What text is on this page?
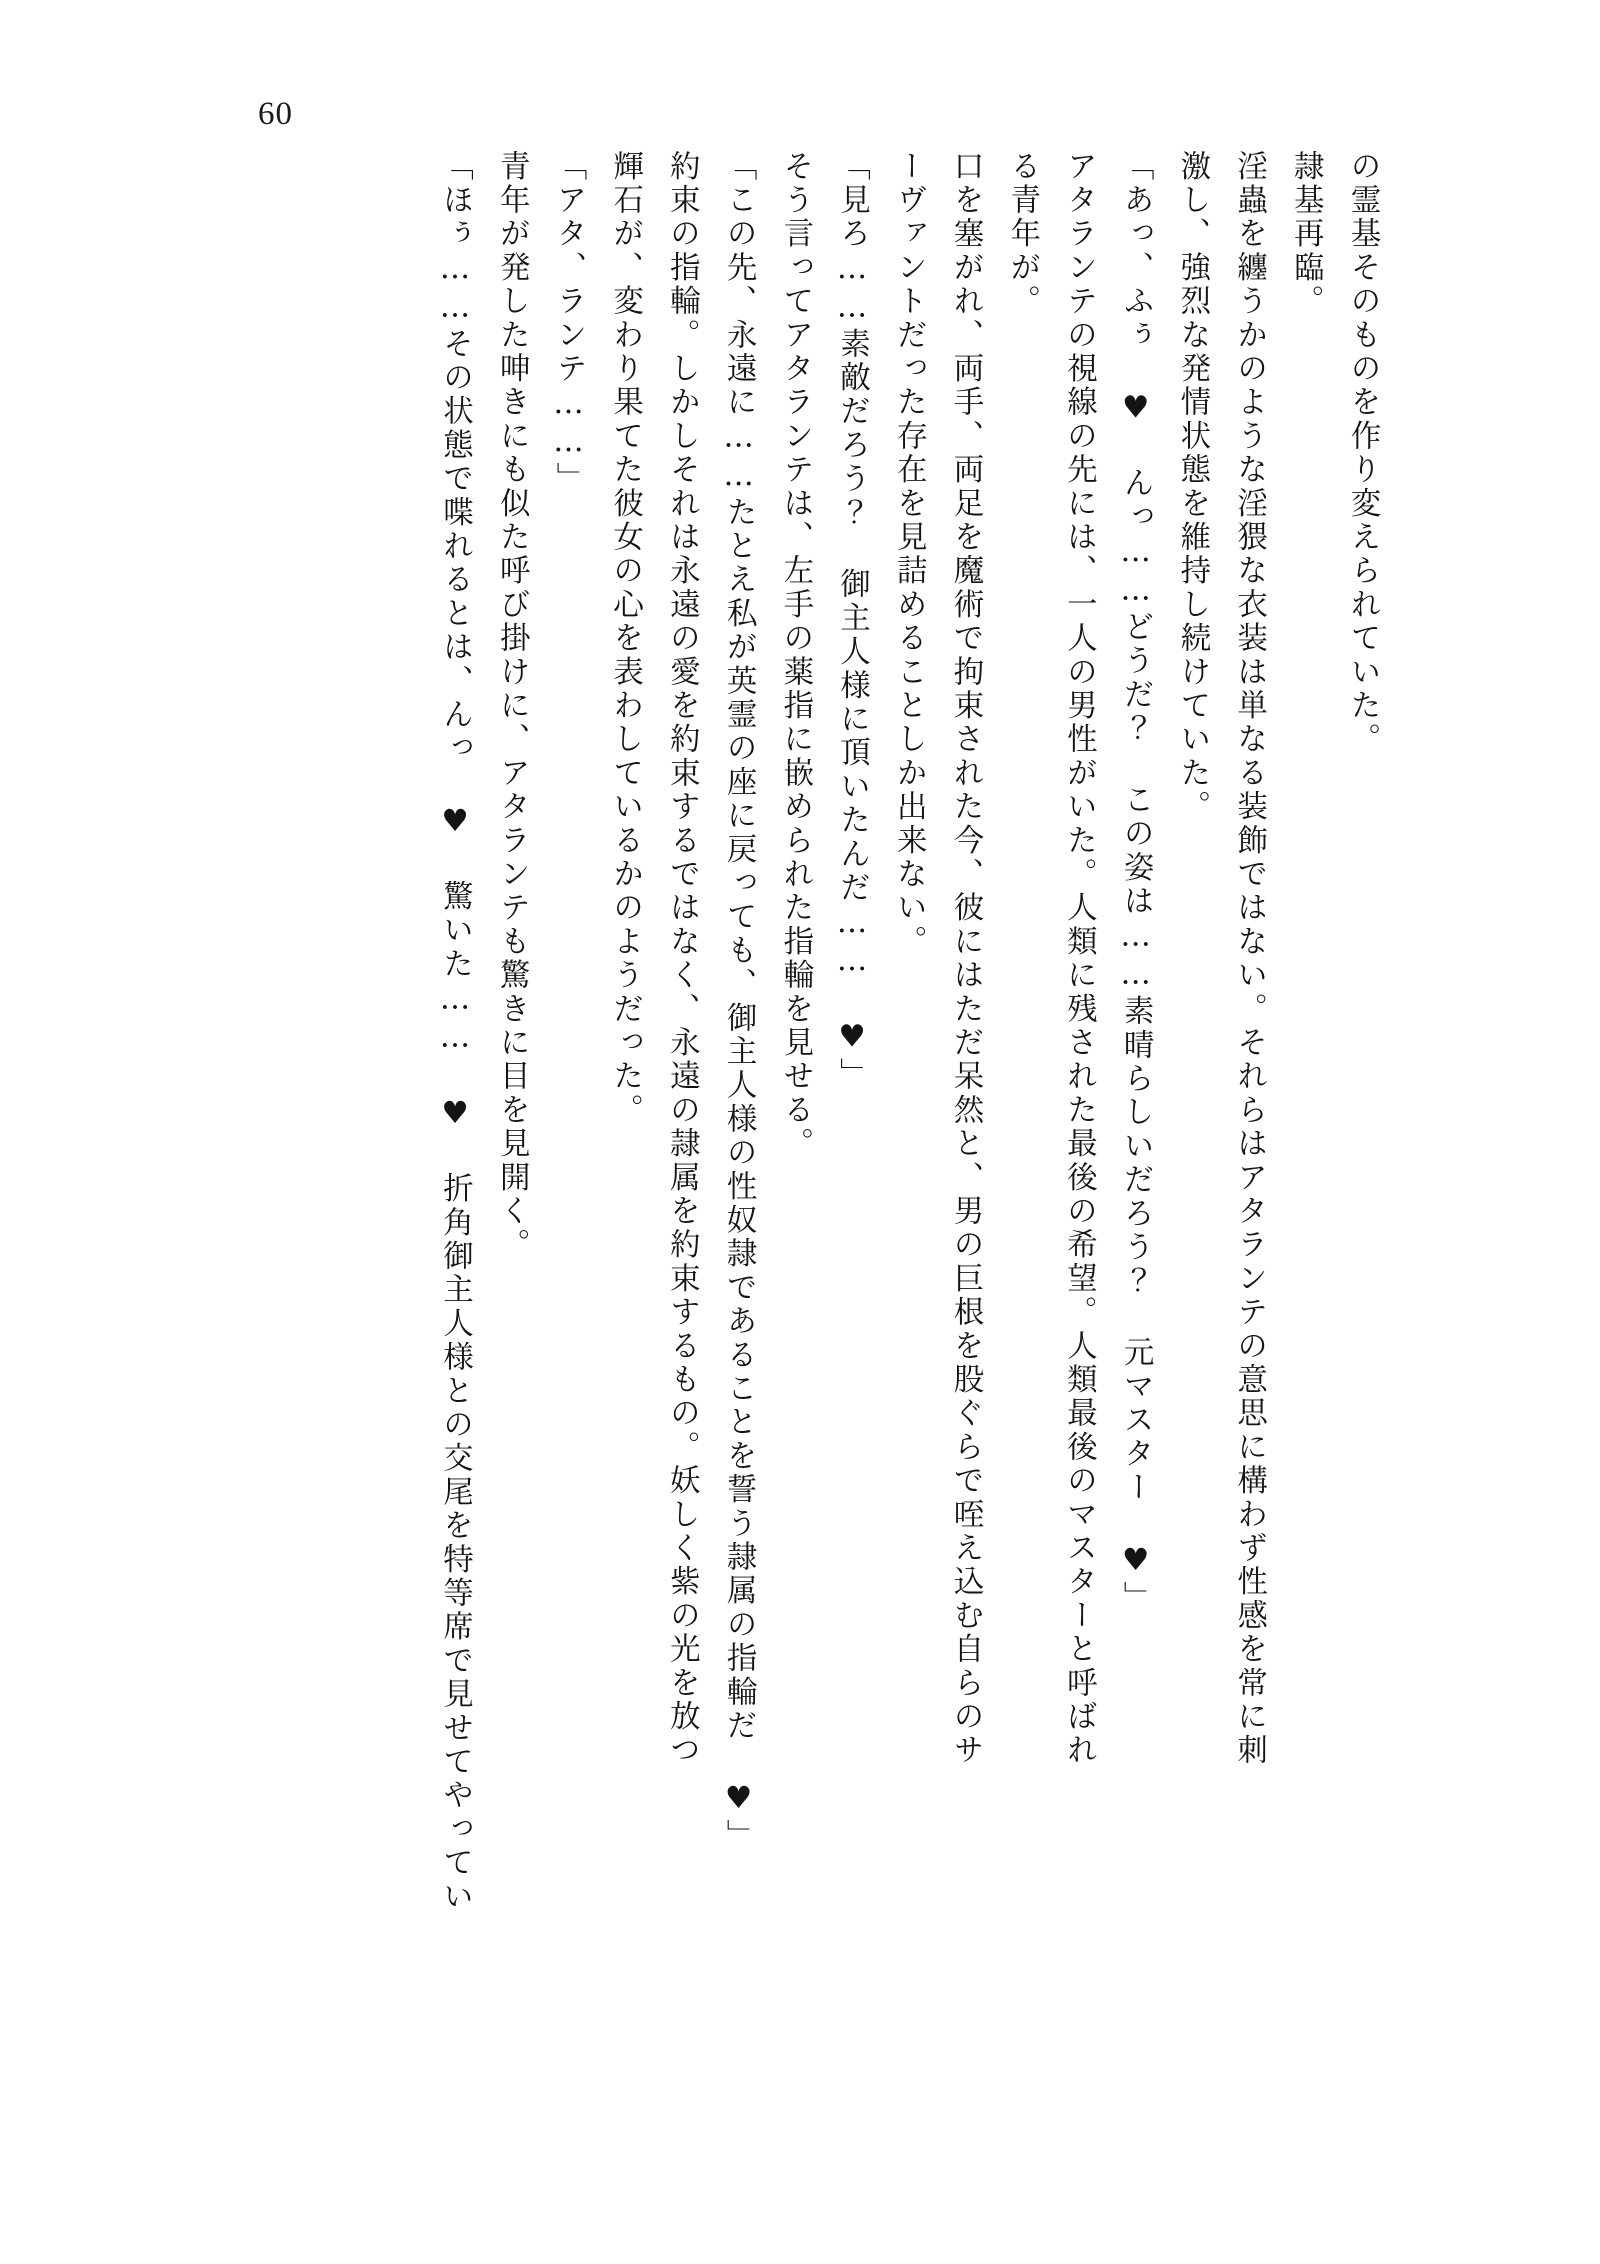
60

の霊基そのものを作り変えられていた。

隷基再臨。

淫蟲を纏うかのような淫猥な衣装は単なる装飾ではない。それらはアタランテの意思に構わず性感を常に刺

激し、強烈な発情状態を維持し続けていた。

「あっ、ふぅ ♥ んっ……どうだ？ この姿は……素晴らしいだろう？ 元マスター ♥」

アタランテの視線の先には、一人の男性がいた。人類に残された最後の希望。人類最後のマスターと呼ばれ

る青年が。

口を塞がれ、両手、両足を魔術で拘束された今、彼にはただ呆然と、男の巨根を股ぐらで咥え込む自らのサ

ーヴァントだった存在を見詰めることしか出来ない。

「見ろ……素敵だろう？ 御主人様に頂いたんだ…… ♥」

そう言ってアタランテは、左手の薬指に嵌められた指輪を見せる。

「この先、永遠に……たとえ私が英霊の座に戻っても、御主人様の性奴隷であることを誓う隷属の指輪だ ♥」

約束の指輪。しかしそれは永遠の愛を約束するではなく、永遠の隷属を約束するもの。妖しく紫の光を放つ

輝石が、変わり果てた彼女の心を表わしているかのようだった。

「アタ、ランテ……」

青年が発した呻きにも似た呼び掛けに、アタランテも驚きに目を見開く。

「ほぅ……その状態で喋れるとは、んっ ♥ 驚いた…… ♥ 折角御主人様との交尾を特等席で見せてやってい
